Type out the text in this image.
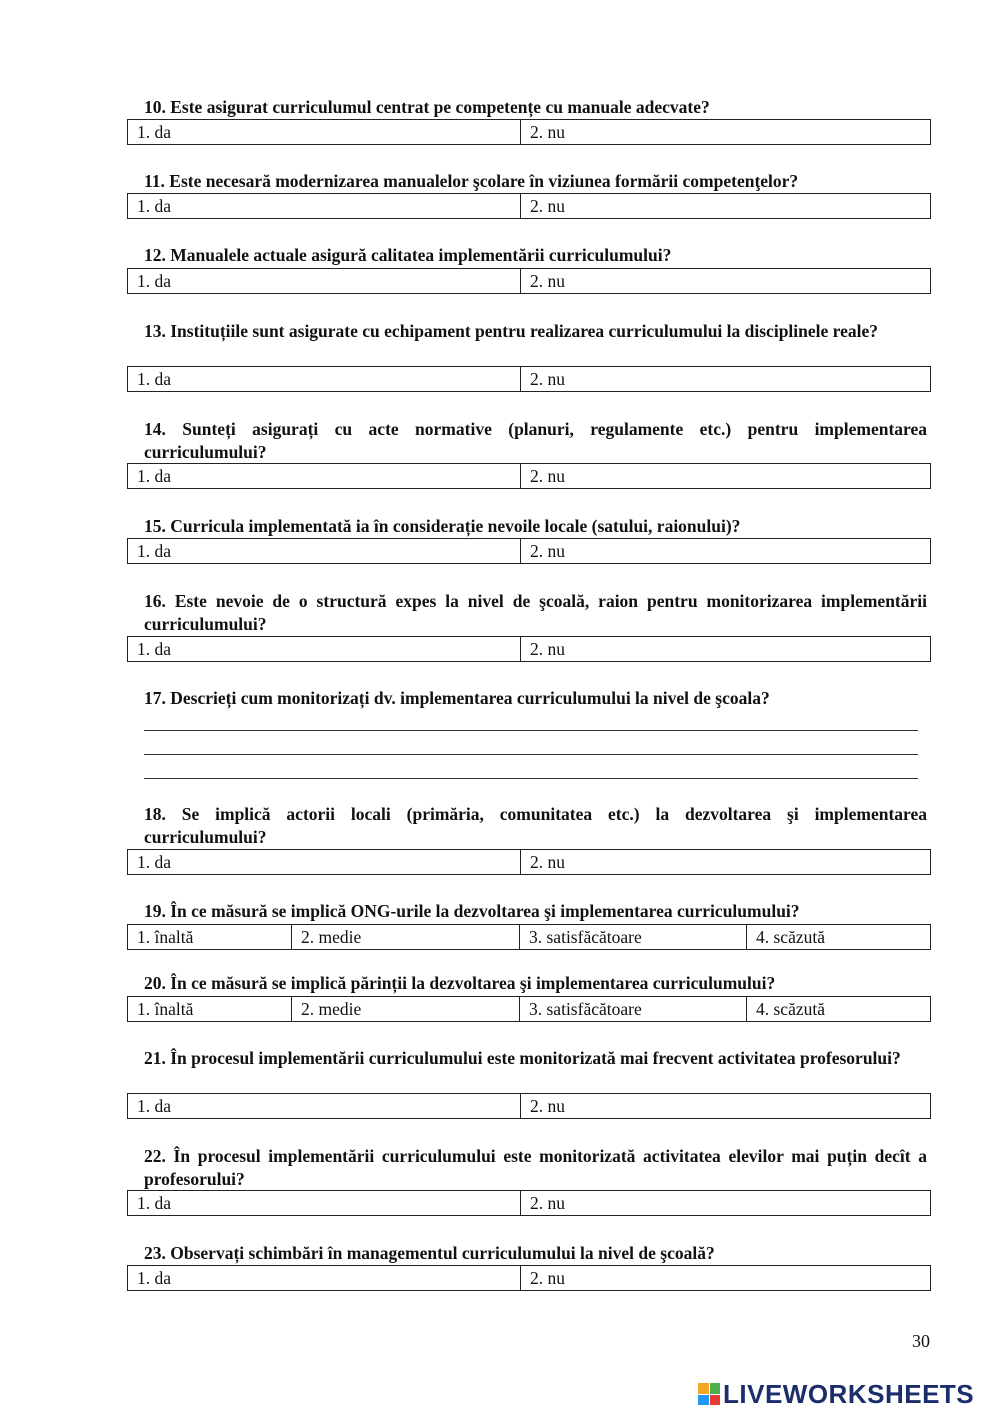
10. Este asigurat curriculumul centrat pe competențe cu manuale adecvate?
1. da	2. nu
11. Este necesară modernizarea manualelor şcolare în viziunea formării competenţelor?
1. da	2. nu
12. Manualele actuale asigură calitatea implementării curriculumului?
1. da	2. nu
13. Instituțiile sunt asigurate cu echipament pentru realizarea curriculumului la disciplinele reale?
1. da	2. nu
14. Sunteți asigurați cu acte normative (planuri, regulamente etc.) pentru implementarea curriculumului?
1. da	2. nu
15. Curricula implementată ia în considerație nevoile locale (satului, raionului)?
1. da	2. nu
16. Este nevoie de o structură expes la nivel de şcoală, raion pentru monitorizarea implementării curriculumului?
1. da	2. nu
17. Descrieți cum monitorizați dv. implementarea curriculumului la nivel de şcoala?
18. Se implică actorii locali (primăria, comunitatea etc.) la dezvoltarea şi implementarea curriculumului?
1. da	2. nu
19. În ce măsură se implică ONG-urile la dezvoltarea şi implementarea curriculumului?
1. înaltă	2. medie	3. satisfăcătoare	4. scăzută
20. În ce măsură se implică părinții la dezvoltarea şi implementarea curriculumului?
1. înaltă	2. medie	3. satisfăcătoare	4. scăzută
21. În procesul implementării curriculumului este monitorizată mai frecvent activitatea profesorului?
1. da	2. nu
22. În procesul implementării curriculumului este monitorizată activitatea elevilor mai puțin decît a profesorului?
1. da	2. nu
23. Observați schimbări în managementul curriculumului la nivel de şcoală?
1. da	2. nu
30
LIVEWORKSHEETS
